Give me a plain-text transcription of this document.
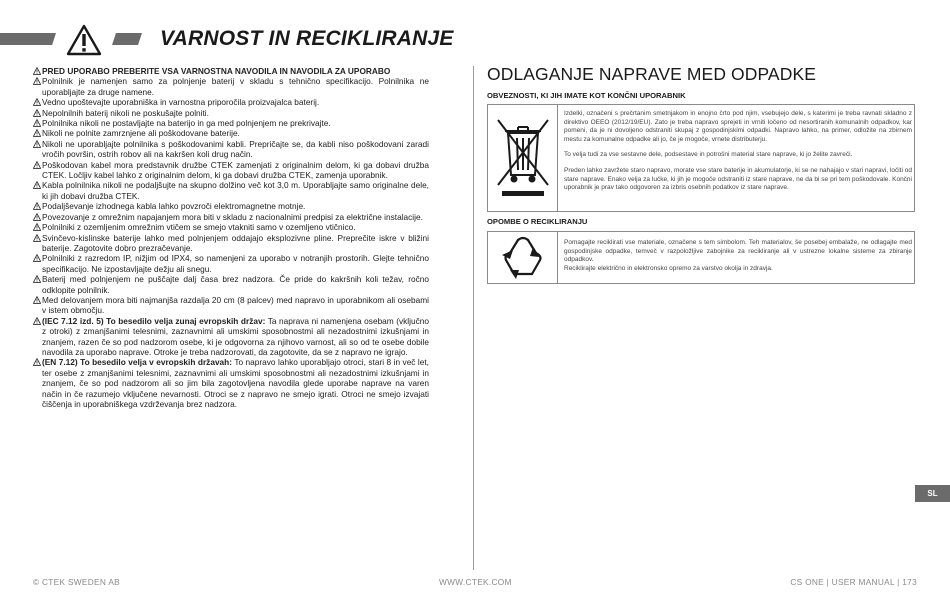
VARNOST IN RECIKLIRANJE
PRED UPORABO PREBERITE VSA VARNOSTNA NAVODILA IN NAVODILA ZA UPORABO
Polnilnik je namenjen samo za polnjenje baterij v skladu s tehnično specifikacijo. Polnilnika ne uporabljajte za druge namene.
Vedno upoštevajte uporabniška in varnostna priporočila proizvajalca baterij.
Nepolnilnih baterij nikoli ne poskušajte polniti.
Polnilnika nikoli ne postavljajte na baterijo in ga med polnjenjem ne prekrivajte.
Nikoli ne polnite zamrznjene ali poškodovane baterije.
Nikoli ne uporabljajte polnilnika s poškodovanimi kabli. Prepričajte se, da kabli niso poškodovani zaradi vročih površin, ostrih robov ali na kakršen koli drug način.
Poškodovan kabel mora predstavnik družbe CTEK zamenjati z originalnim delom, ki ga dobavi družba CTEK. Ločljiv kabel lahko z originalnim delom, ki ga dobavi družba CTEK, zamenja uporabnik.
Kabla polnilnika nikoli ne podaljšujte na skupno dolžino več kot 3,0 m. Uporabljajte samo originalne dele, ki jih dobavi družba CTEK.
Podaljševanje izhodnega kabla lahko povzroči elektromagnetne motnje.
Povezovanje z omrežnim napajanjem mora biti v skladu z nacionalnimi predpisi za električne instalacije.
Polnilniki z ozemljenim omrežnim vtičem se smejo vtakniti samo v ozemljeno vtičnico.
Svinčevo-kislinske baterije lahko med polnjenjem oddajajo eksplozivne pline. Preprečite iskre v bližini baterije. Zagotovite dobro prezračevanje.
Polnilniki z razredom IP, nižjim od IPX4, so namenjeni za uporabo v notranjih prostorih. Glejte tehnično specifikacijo. Ne izpostavljajte dežju ali snegu.
Baterij med polnjenjem ne puščajte dalj časa brez nadzora. Če pride do kakršnih koli težav, ročno odklopite polnilnik.
Med delovanjem mora biti najmanjša razdalja 20 cm (8 palcev) med napravo in uporabnikom ali osebami v istem območju.
(IEC 7.12 izd. 5) To besedilo velja zunaj evropskih držav: Ta naprava ni namenjena osebam (vključno z otroki) z zmanjšanimi telesnimi, zaznavnimi ali umskimi sposobnostmi ali nezadostnimi izkušnjami in znanjem, razen če so pod nadzorom osebe, ki je odgovorna za njihovo varnost, ali so od te osebe dobile navodila za uporabo naprave. Otroke je treba nadzorovati, da zagotovite, da se z napravo ne igrajo.
(EN 7.12) To besedilo velja v evropskih državah: To napravo lahko uporabljajo otroci, stari 8 in več let, ter osebe z zmanjšanimi telesnimi, zaznavnimi ali umskimi sposobnostmi ali nezadostnimi izkušnjami in znanjem, če so pod nadzorom ali so jim bila zagotovljena navodila glede uporabe naprave na varen način in če razumejo vključene nevarnosti. Otroci se z napravo ne smejo igrati. Otroci ne smejo izvajati čiščenja in uporabniškega vzdrževanja brez nadzora.
ODLAGANJE NAPRAVE MED ODPADKE
OBVEZNOSTI, KI JIH IMATE KOT KONČNI UPORABNIK

Izdelki, označeni s prečrtanim smetnjakom in enojno črto pod njim, vsebujejo dele, s katerimi je treba ravnati skladno z direktivo OEEO (2012/19/EU). Zato je treba napravo sprejeti in vrniti ločeno od nesortiranih komunalnih odpadkov, kar pomeni, da je ni dovoljeno odstraniti skupaj z gospodinjskimi odpadki. Napravo lahko, na primer, odložite na zbirnem mestu za komunalne odpadke ali jo, če je mogoče, vrnete distributerju.

To velja tudi za vse sestavne dele, podsestave in potrošni material stare naprave, ki jo želite zavreči.

Preden lahko zavržete staro napravo, morate vse stare baterije in akumulatorje, ki se ne nahajajo v stari napravi, ločiti od stare naprave. Enako velja za lučke, ki jih je mogoče odstraniti iz stare naprave, ne da bi se pri tem poškodovale. Končni uporabnik je prav tako odgovoren za izbris osebnih podatkov iz stare naprave.

OPOMBE O RECIKLIRANJU
Pomagajte reciklirati vse materiale, označene s tem simbolom. Teh materialov, še posebej embalaže, ne odlagajte med gospodinjske odpadke, temveč v razpoložljive zabojnike za recikliranje ali v ustrezne lokalne sisteme za zbiranje odpadkov.
Reciklirajte električno in elektronsko opremo za varstvo okolja in zdravja.
SL
© CTEK SWEDEN AB	WWW.CTEK.COM	CS ONE | USER MANUAL | 173
